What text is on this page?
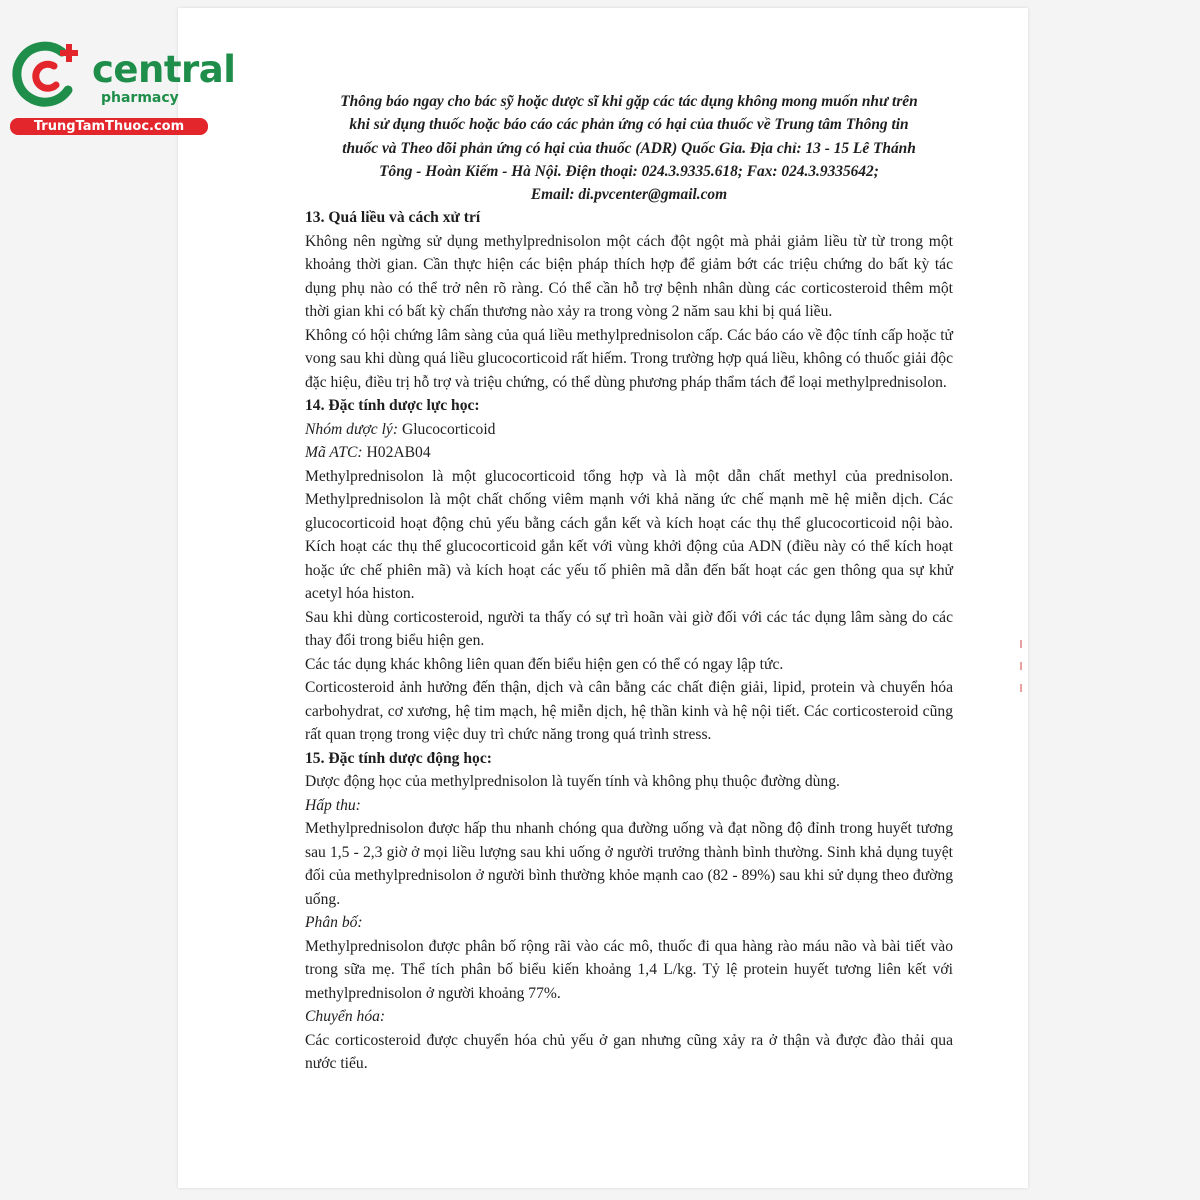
central
pharmacy
TrungTamThuoc.com
Thông báo ngay cho bác sỹ hoặc dược sĩ khi gặp các tác dụng không mong muốn như trên
khi sử dụng thuốc hoặc báo cáo các phản ứng có hại của thuốc về Trung tâm Thông tin
thuốc và Theo dõi phản ứng có hại của thuốc (ADR) Quốc Gia. Địa chỉ: 13 - 15 Lê Thánh
Tông - Hoàn Kiếm - Hà Nội. Điện thoại: 024.3.9335.618; Fax: 024.3.9335642;
Email: di.pvcenter@gmail.com
13. Quá liều và cách xử trí

Không nên ngừng sử dụng methylprednisolon một cách đột ngột mà phải giảm liều từ từ trong một khoảng thời gian. Cần thực hiện các biện pháp thích hợp để giảm bớt các triệu chứng do bất kỳ tác dụng phụ nào có thể trở nên rõ ràng. Có thể cần hỗ trợ bệnh nhân dùng các corticosteroid thêm một thời gian khi có bất kỳ chấn thương nào xảy ra trong vòng 2 năm sau khi bị quá liều.

Không có hội chứng lâm sàng của quá liều methylprednisolon cấp. Các báo cáo về độc tính cấp hoặc tử vong sau khi dùng quá liều glucocorticoid rất hiếm. Trong trường hợp quá liều, không có thuốc giải độc đặc hiệu, điều trị hỗ trợ và triệu chứng, có thể dùng phương pháp thẩm tách để loại methylprednisolon.

14. Đặc tính dược lực học:
Nhóm dược lý: Glucocorticoid
Mã ATC: H02AB04

Methylprednisolon là một glucocorticoid tổng hợp và là một dẫn chất methyl của prednisolon. Methylprednisolon là một chất chống viêm mạnh với khả năng ức chế mạnh mẽ hệ miễn dịch. Các glucocorticoid hoạt động chủ yếu bằng cách gắn kết và kích hoạt các thụ thể glucocorticoid nội bào. Kích hoạt các thụ thể glucocorticoid gắn kết với vùng khởi động của ADN (điều này có thể kích hoạt hoặc ức chế phiên mã) và kích hoạt các yếu tố phiên mã dẫn đến bất hoạt các gen thông qua sự khử acetyl hóa histon.

Sau khi dùng corticosteroid, người ta thấy có sự trì hoãn vài giờ đối với các tác dụng lâm sàng do các thay đổi trong biểu hiện gen.

Các tác dụng khác không liên quan đến biểu hiện gen có thể có ngay lập tức.

Corticosteroid ảnh hưởng đến thận, dịch và cân bằng các chất điện giải, lipid, protein và chuyển hóa carbohydrat, cơ xương, hệ tim mạch, hệ miễn dịch, hệ thần kinh và hệ nội tiết. Các corticosteroid cũng rất quan trọng trong việc duy trì chức năng trong quá trình stress.

15. Đặc tính dược động học:

Dược động học của methylprednisolon là tuyến tính và không phụ thuộc đường dùng.

Hấp thu:

Methylprednisolon được hấp thu nhanh chóng qua đường uống và đạt nồng độ đỉnh trong huyết tương sau 1,5 - 2,3 giờ ở mọi liều lượng sau khi uống ở người trưởng thành bình thường. Sinh khả dụng tuyệt đối của methylprednisolon ở người bình thường khỏe mạnh cao (82 - 89%) sau khi sử dụng theo đường uống.

Phân bố:

Methylprednisolon được phân bố rộng rãi vào các mô, thuốc đi qua hàng rào máu não và bài tiết vào trong sữa mẹ. Thể tích phân bố biểu kiến khoảng 1,4 L/kg. Tỷ lệ protein huyết tương liên kết với methylprednisolon ở người khoảng 77%.

Chuyển hóa:

Các corticosteroid được chuyển hóa chủ yếu ở gan nhưng cũng xảy ra ở thận và được đào thải qua nước tiểu.
